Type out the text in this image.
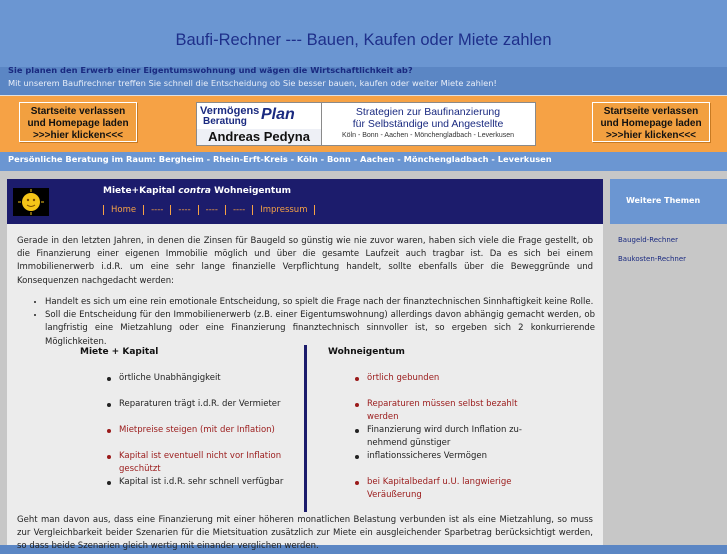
Baufi-Rechner --- Bauen, Kaufen oder Miete zahlen
Sie planen den Erwerb einer Eigentumswohnung und wägen die Wirtschaftlichkeit ab?
Mit unserem Baufirechner treffen Sie schnell die Entscheidung ob Sie besser bauen, kaufen oder weiter Miete zahlen!
Startseite verlassen
und Homepage laden
>>>hier klicken<<<
Vermögens
Beratung Plan
Andreas Pedyna
Strategien zur Baufinanzierung
für Selbständige und Angestellte
Köln - Bonn - Aachen - Mönchengladbach - Leverkusen
Startseite verlassen
und Homepage laden
>>>hier klicken<<<
Persönliche Beratung im Raum: Bergheim - Rhein-Erft-Kreis - Köln - Bonn - Aachen - Mönchengladbach - Leverkusen
Miete+Kapital contra Wohneigentum
Home ---- ---- ---- ---- Impressum
Weitere Themen
Baugeld-Rechner
Baukosten-Rechner
Gerade in den letzten Jahren, in denen die Zinsen für Baugeld so günstig wie nie zuvor waren, haben sich viele die Frage gestellt, ob die Finanzierung einer eigenen Immobilie möglich und über die gesamte Laufzeit auch tragbar ist. Da es sich bei einem Immobilienerwerb i.d.R. um eine sehr lange finanzielle Verpflichtung handelt, sollte ebenfalls über die Beweggründe und Konsequenzen nachgedacht werden:
• Handelt es sich um eine rein emotionale Entscheidung, so spielt die Frage nach der finanztechnischen Sinnhaftigkeit keine Rolle.
• Soll die Entscheidung für den Immobilienerwerb (z.B. einer Eigentumswohnung) allerdings davon abhängig gemacht werden, ob langfristig eine Mietzahlung oder eine Finanzierung finanztechnisch sinnvoller ist, so ergeben sich 2 konkurrierende Möglichkeiten.
Miete + Kapital	Wohneigentum
örtliche Unabhängigkeit
Reparaturen trägt i.d.R. der Vermieter
Mietpreise steigen (mit der Inflation)
Kapital ist eventuell nicht vor Inflation geschützt
Kapital ist i.d.R. sehr schnell verfügbar
örtlich gebunden
Reparaturen müssen selbst bezahlt werden
Finanzierung wird durch Inflation zu-nehmend günstiger
inflationssicheres Vermögen
bei Kapitalbedarf u.U. langwierige Veräußerung
Geht man davon aus, dass eine Finanzierung mit einer höheren monatlichen Belastung verbunden ist als eine Mietzahlung, so muss zur Vergleichbarkeit beider Szenarien für die Mietsituation zusätzlich zur Miete ein ausgleichender Sparbetrag berücksichtigt werden, so dass beide Szenarien gleich wertig mit einander verglichen werden.
